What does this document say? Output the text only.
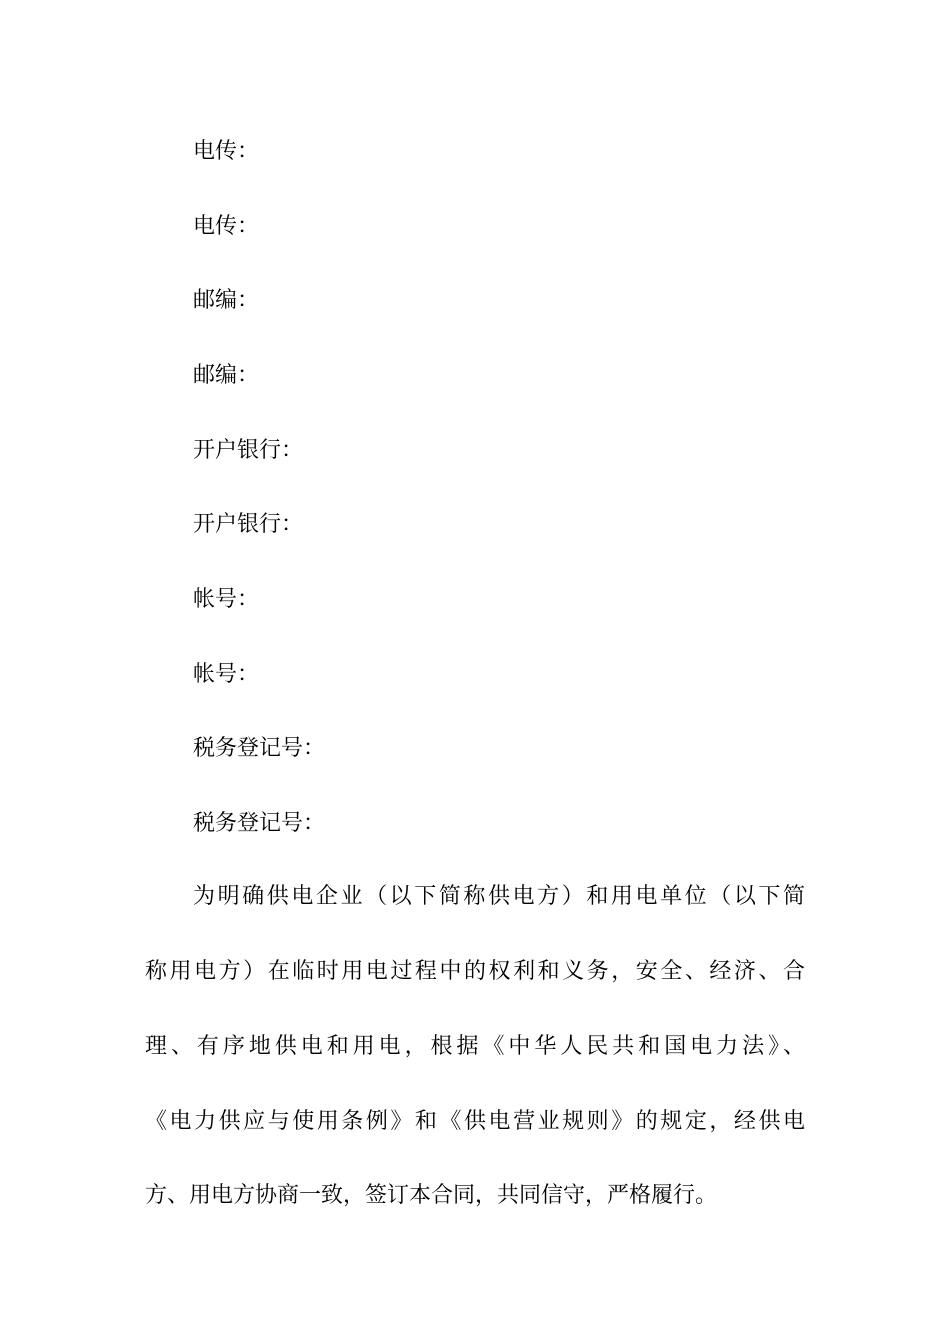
电传：
电传：
邮编：
邮编：
开户银行：
开户银行：
帐号：
帐号：
税务登记号：
税务登记号：
为明确供电企业（以下简称供电方）和用电单位（以下简
称用电方）在临时用电过程中的权利和义务，安全、经济、合
理、有序地供电和用电，根据《中华人民共和国电力法》、
《电力供应与使用条例》和《供电营业规则》的规定，经供电
方、用电方协商一致，签订本合同，共同信守，严格履行。
